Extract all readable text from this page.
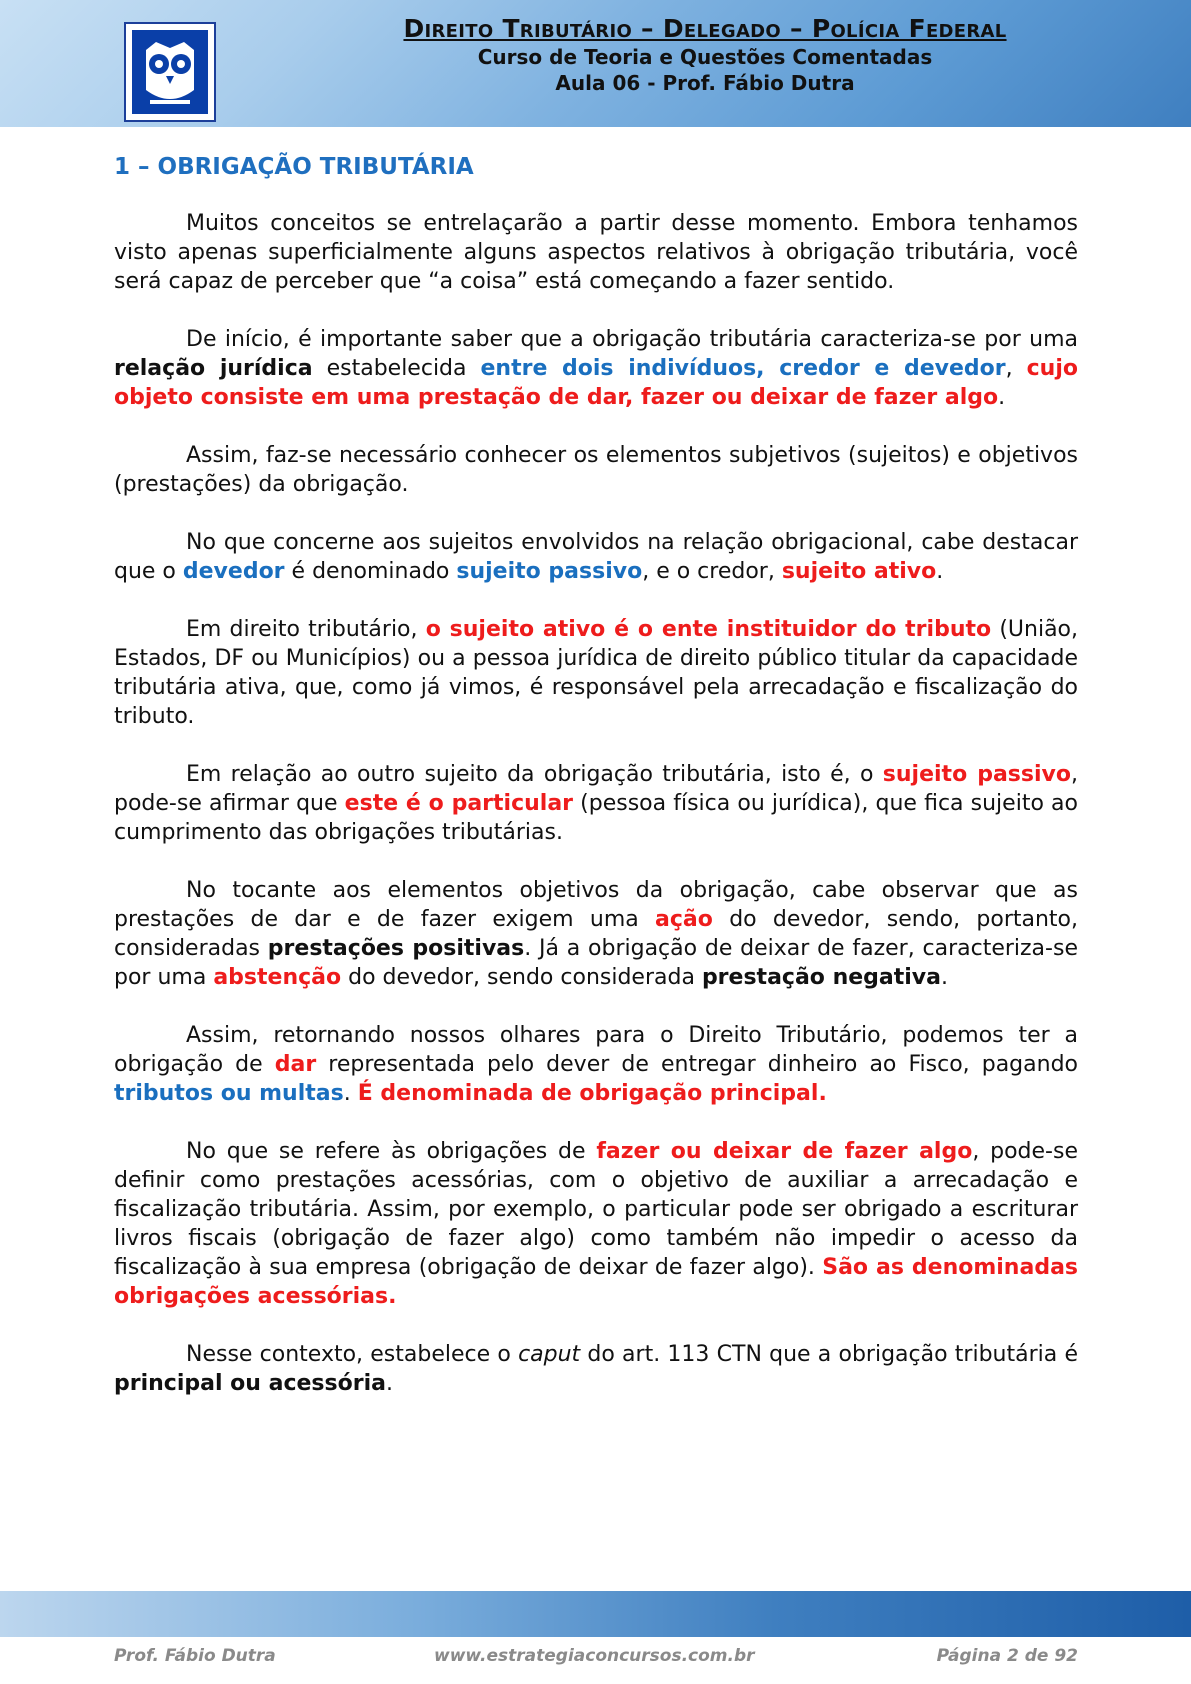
Direito Tributário – Delegado – Polícia Federal

Curso de Teoria e Questões Comentadas

Aula 06 - Prof. Fábio Dutra

1 – OBRIGAÇÃO TRIBUTÁRIA

Muitos conceitos se entrelaçarão a partir desse momento. Embora tenhamos visto apenas superficialmente alguns aspectos relativos à obrigação tributária, você será capaz de perceber que “a coisa” está começando a fazer sentido.

De início, é importante saber que a obrigação tributária caracteriza-se por uma relação jurídica estabelecida entre dois indivíduos, credor e devedor, cujo objeto consiste em uma prestação de dar, fazer ou deixar de fazer algo.

Assim, faz-se necessário conhecer os elementos subjetivos (sujeitos) e objetivos (prestações) da obrigação.

No que concerne aos sujeitos envolvidos na relação obrigacional, cabe destacar que o devedor é denominado sujeito passivo, e o credor, sujeito ativo.

Em direito tributário, o sujeito ativo é o ente instituidor do tributo (União, Estados, DF ou Municípios) ou a pessoa jurídica de direito público titular da capacidade tributária ativa, que, como já vimos, é responsável pela arrecadação e fiscalização do tributo.

Em relação ao outro sujeito da obrigação tributária, isto é, o sujeito passivo, pode-se afirmar que este é o particular (pessoa física ou jurídica), que fica sujeito ao cumprimento das obrigações tributárias.

No tocante aos elementos objetivos da obrigação, cabe observar que as prestações de dar e de fazer exigem uma ação do devedor, sendo, portanto, consideradas prestações positivas. Já a obrigação de deixar de fazer, caracteriza-se por uma abstenção do devedor, sendo considerada prestação negativa.

Assim, retornando nossos olhares para o Direito Tributário, podemos ter a obrigação de dar representada pelo dever de entregar dinheiro ao Fisco, pagando tributos ou multas. É denominada de obrigação principal.

No que se refere às obrigações de fazer ou deixar de fazer algo, pode-se definir como prestações acessórias, com o objetivo de auxiliar a arrecadação e fiscalização tributária. Assim, por exemplo, o particular pode ser obrigado a escriturar livros fiscais (obrigação de fazer algo) como também não impedir o acesso da fiscalização à sua empresa (obrigação de deixar de fazer algo). São as denominadas obrigações acessórias.

Nesse contexto, estabelece o caput do art. 113 CTN que a obrigação tributária é principal ou acessória.

Prof. Fábio Dutra	www.estrategiaconcursos.com.br	Página 2 de 92
